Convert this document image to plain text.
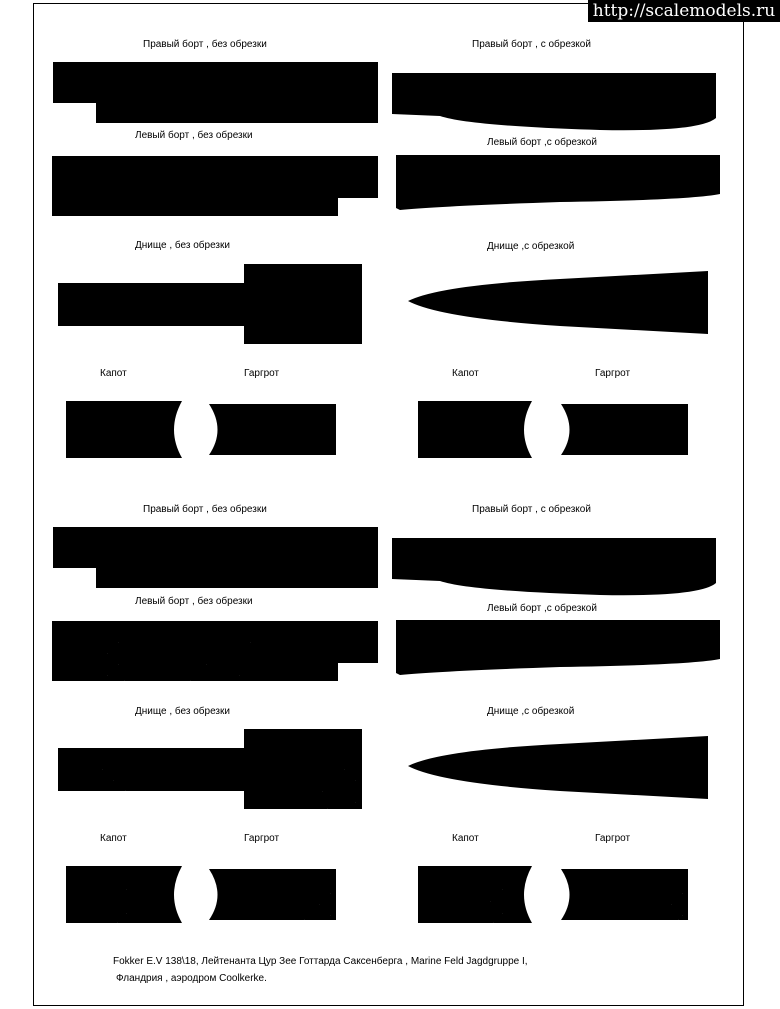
http://scalemodels.ru
Правый борт , без обрезки	Правый борт , с обрезкой
Левый борт , без обрезки
Левый борт ,с обрезкой
Днище , без обрезки	Днище ,с обрезкой
Капот	Гаргрот	Капот	Гаргрот
Правый борт , без обрезки	Правый борт , с обрезкой
Левый борт , без обрезки
Левый борт ,с обрезкой
Днище , без обрезки	Днище ,с обрезкой
Капот	Гаргрот	Капот	Гаргрот
Fokker E.V 138\18, Лейтенанта Цур Зее Готтарда Саксенберга , Marine Feld Jagdgruppe I,
Фландрия , аэродром Coolkerke.
